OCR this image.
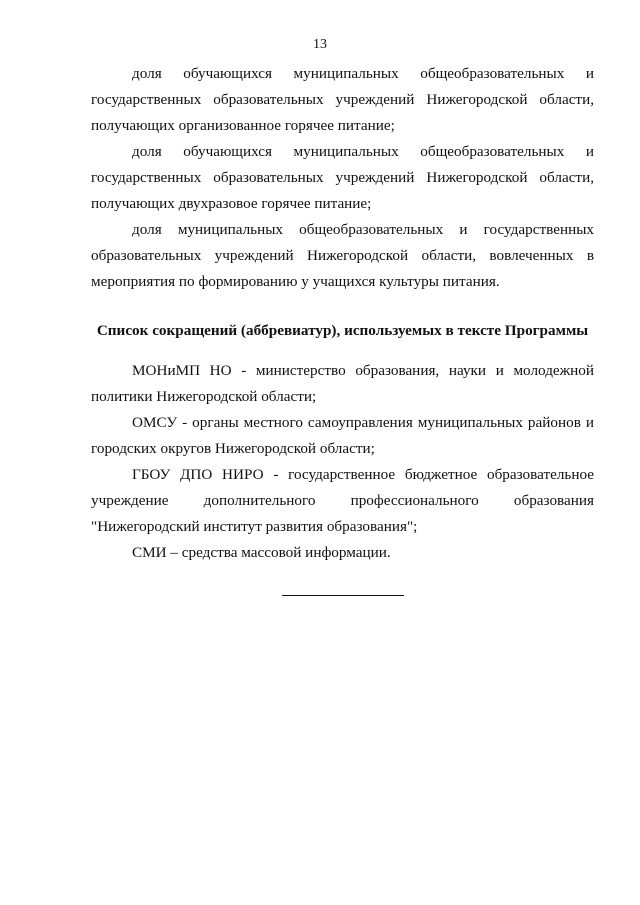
13

доля обучающихся муниципальных общеобразовательных и государственных образовательных учреждений Нижегородской области, получающих организованное горячее питание;

доля обучающихся муниципальных общеобразовательных и государственных образовательных учреждений Нижегородской области, получающих двухразовое горячее питание;

доля муниципальных общеобразовательных и государственных образовательных учреждений Нижегородской области, вовлеченных в мероприятия по формированию у учащихся культуры питания.

Список сокращений (аббревиатур), используемых в тексте Программы

МОНиМП НО - министерство образования, науки и молодежной политики Нижегородской области;

ОМСУ - органы местного самоуправления муниципальных районов и городских округов Нижегородской области;

ГБОУ ДПО НИРО - государственное бюджетное образовательное учреждение дополнительного профессионального образования "Нижегородский институт развития образования";

СМИ – средства массовой информации.
